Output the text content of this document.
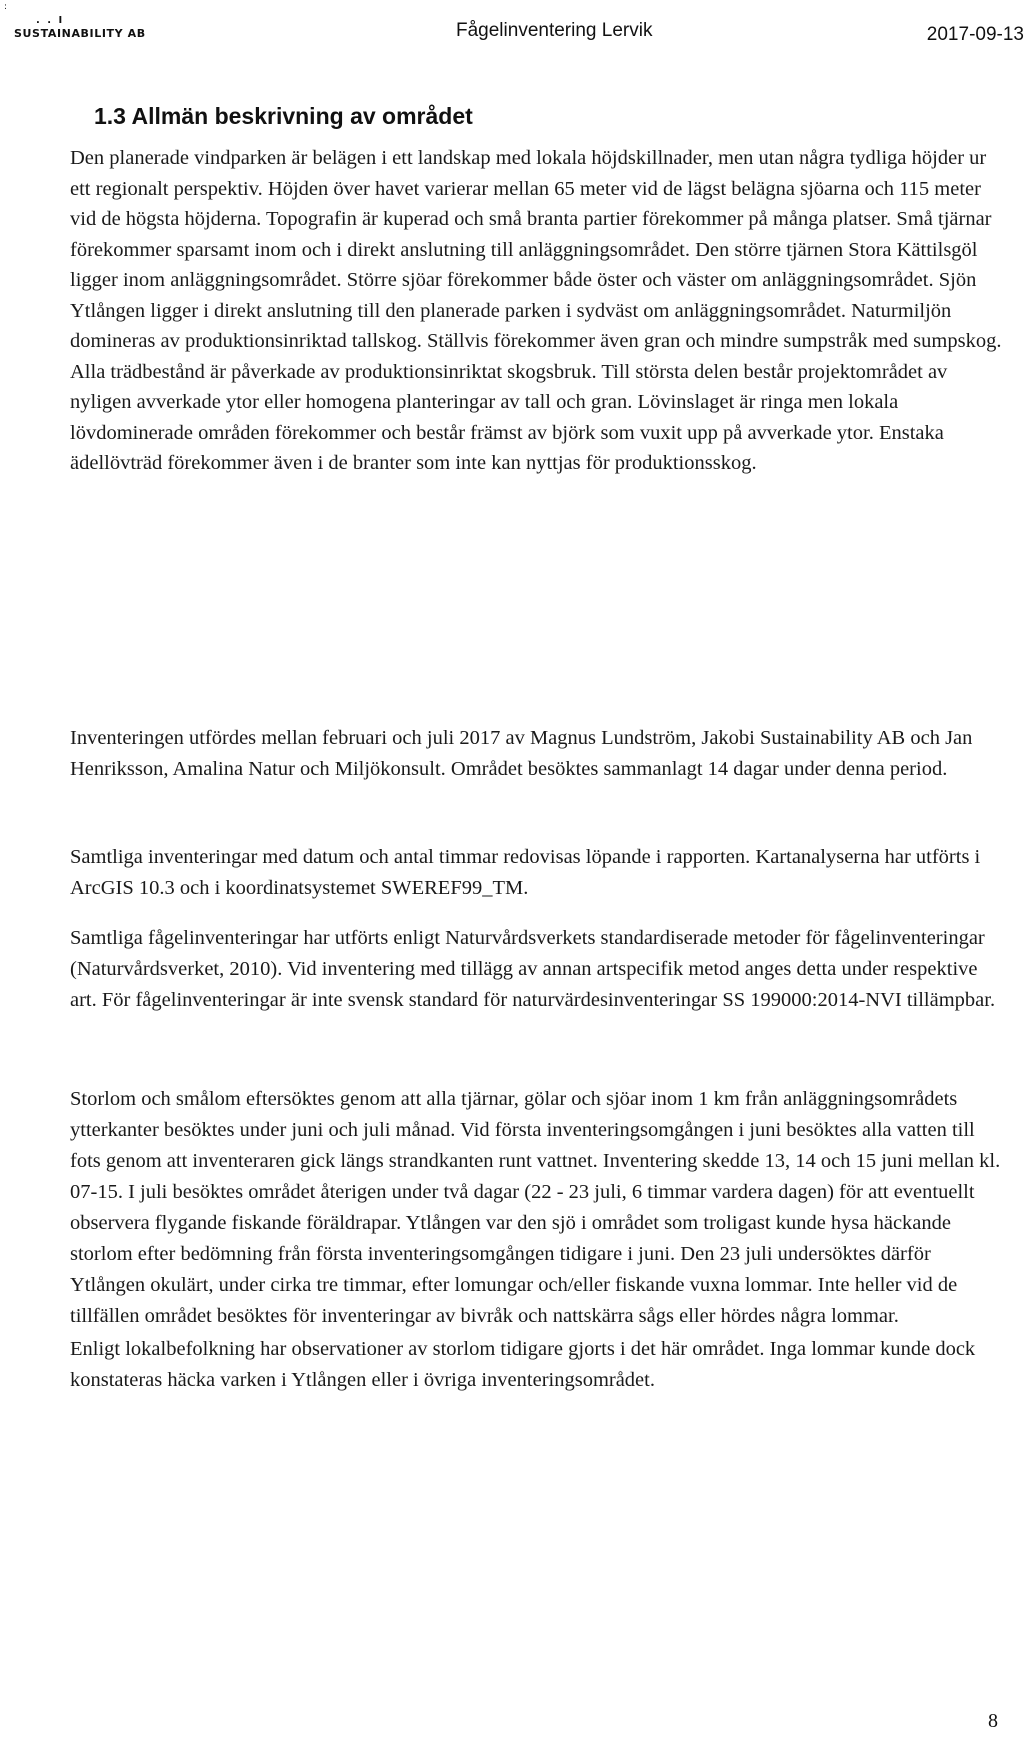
:
. . I
SUSTAINABILITY AB	Fågelinventering Lervik	2017-09-13
1.3 Allmän beskrivning av området

Den planerade vindparken är belägen i ett landskap med lokala höjdskillnader, men utan några tydliga höjder ur ett regionalt perspektiv. Höjden över havet varierar mellan 65 meter vid de lägst belägna sjöarna och 115 meter vid de högsta höjderna. Topografin är kuperad och små branta partier förekommer på många platser. Små tjärnar förekommer sparsamt inom och i direkt anslutning till anläggningsområdet. Den större tjärnen Stora Kättilsgöl ligger inom anläggningsområdet. Större sjöar förekommer både öster och väster om anläggningsområdet. Sjön Ytlången ligger i direkt anslutning till den planerade parken i sydväst om anläggningsområdet. Naturmiljön domineras av produktionsinriktad tallskog. Ställvis förekommer även gran och mindre sumpstråk med sumpskog. Alla trädbestånd är påverkade av produktionsinriktat skogsbruk. Till största delen består projektområdet av nyligen avverkade ytor eller homogena planteringar av tall och gran. Lövinslaget är ringa men lokala lövdominerade områden förekommer och består främst av björk som vuxit upp på avverkade ytor. Enstaka ädellövträd förekommer även i de branter som inte kan nyttjas för produktionsskog.

Inventeringen utfördes mellan februari och juli 2017 av Magnus Lundström, Jakobi Sustainability AB och Jan Henriksson, Amalina Natur och Miljökonsult. Området besöktes sammanlagt 14 dagar under denna period.

Samtliga inventeringar med datum och antal timmar redovisas löpande i rapporten. Kartanalyserna har utförts i ArcGIS 10.3 och i koordinatsystemet SWEREF99_TM.

Samtliga fågelinventeringar har utförts enligt Naturvårdsverkets standardiserade metoder för fågelinventeringar (Naturvårdsverket, 2010). Vid inventering med tillägg av annan artspecifik metod anges detta under respektive art. För fågelinventeringar är inte svensk standard för naturvärdesinventeringar SS 199000:2014-NVI tillämpbar.

Storlom och smålom eftersöktes genom att alla tjärnar, gölar och sjöar inom 1 km från anläggningsområdets ytterkanter besöktes under juni och juli månad. Vid första inventeringsomgången i juni besöktes alla vatten till fots genom att inventeraren gick längs strandkanten runt vattnet. Inventering skedde 13, 14 och 15 juni mellan kl. 07-15. I juli besöktes området återigen under två dagar (22 - 23 juli, 6 timmar vardera dagen) för att eventuellt observera flygande fiskande föräldrapar. Ytlången var den sjö i området som troligast kunde hysa häckande storlom efter bedömning från första inventeringsomgången tidigare i juni. Den 23 juli undersöktes därför Ytlången okulärt, under cirka tre timmar, efter lomungar och/eller fiskande vuxna lommar. Inte heller vid de tillfällen området besöktes för inventeringar av bivråk och nattskärra sågs eller hördes några lommar.

Enligt lokalbefolkning har observationer av storlom tidigare gjorts i det här området. Inga lommar kunde dock konstateras häcka varken i Ytlången eller i övriga inventeringsområdet.

8
